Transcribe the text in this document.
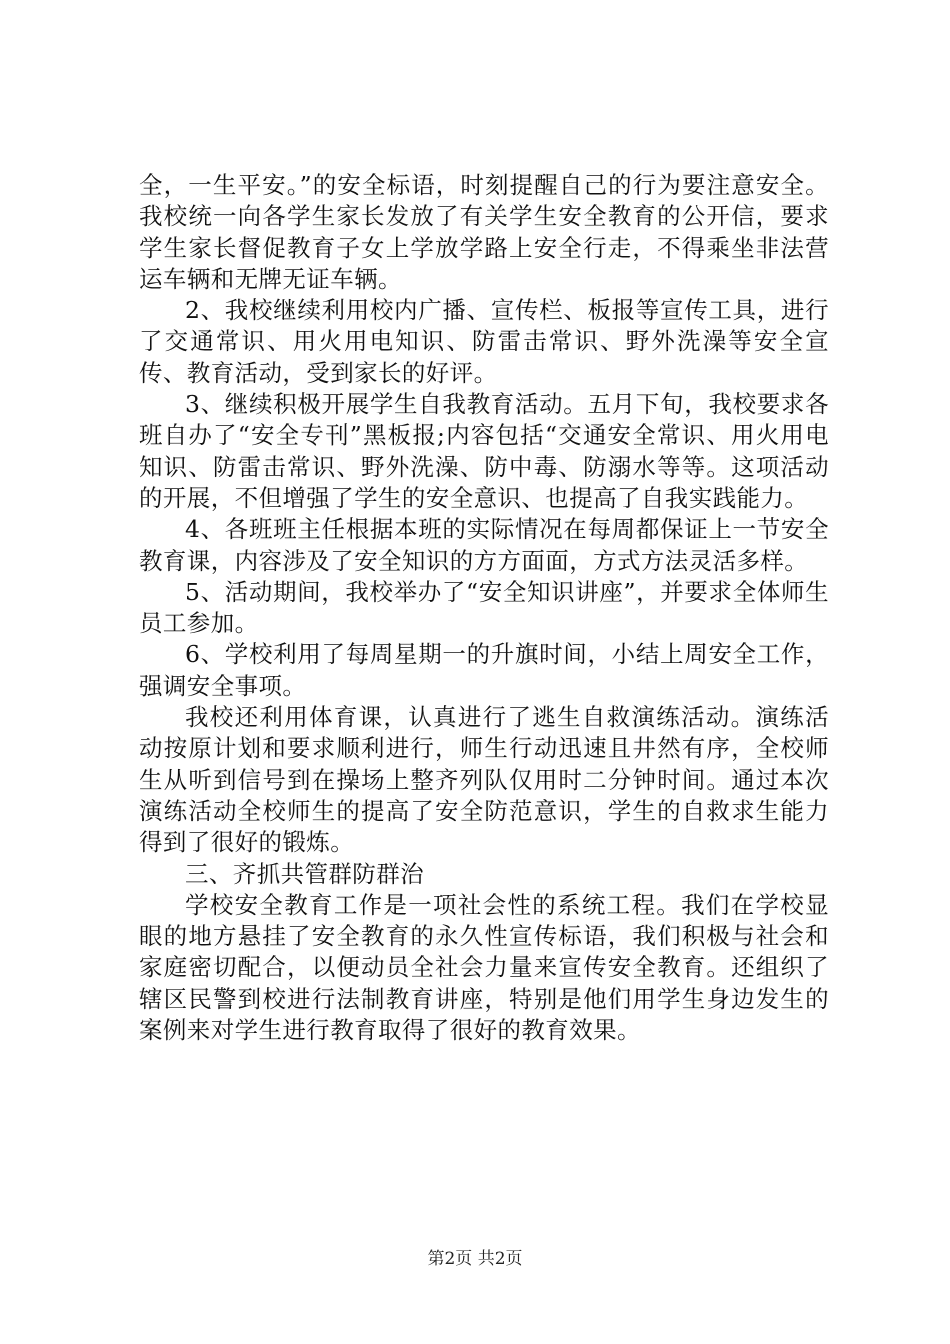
全，一生平安。”的安全标语，时刻提醒自己的行为要注意安全。我校统一向各学生家长发放了有关学生安全教育的公开信，要求学生家长督促教育子女上学放学路上安全行走，不得乘坐非法营运车辆和无牌无证车辆。

2、我校继续利用校内广播、宣传栏、板报等宣传工具，进行了交通常识、用火用电知识、防雷击常识、野外洗澡等安全宣传、教育活动，受到家长的好评。

3、继续积极开展学生自我教育活动。五月下旬，我校要求各班自办了“安全专刊”黑板报;内容包括“交通安全常识、用火用电知识、防雷击常识、野外洗澡、防中毒、防溺水等等。这项活动的开展，不但增强了学生的安全意识、也提高了自我实践能力。

4、各班班主任根据本班的实际情况在每周都保证上一节安全教育课，内容涉及了安全知识的方方面面，方式方法灵活多样。

5、活动期间，我校举办了“安全知识讲座”，并要求全体师生员工参加。

6、学校利用了每周星期一的升旗时间，小结上周安全工作，强调安全事项。

我校还利用体育课，认真进行了逃生自救演练活动。演练活动按原计划和要求顺利进行，师生行动迅速且井然有序，全校师生从听到信号到在操场上整齐列队仅用时二分钟时间。通过本次演练活动全校师生的提高了安全防范意识，学生的自救求生能力得到了很好的锻炼。

三、齐抓共管群防群治

学校安全教育工作是一项社会性的系统工程。我们在学校显眼的地方悬挂了安全教育的永久性宣传标语，我们积极与社会和家庭密切配合，以便动员全社会力量来宣传安全教育。还组织了辖区民警到校进行法制教育讲座，特别是他们用学生身边发生的案例来对学生进行教育取得了很好的教育效果。

第2页 共2页
